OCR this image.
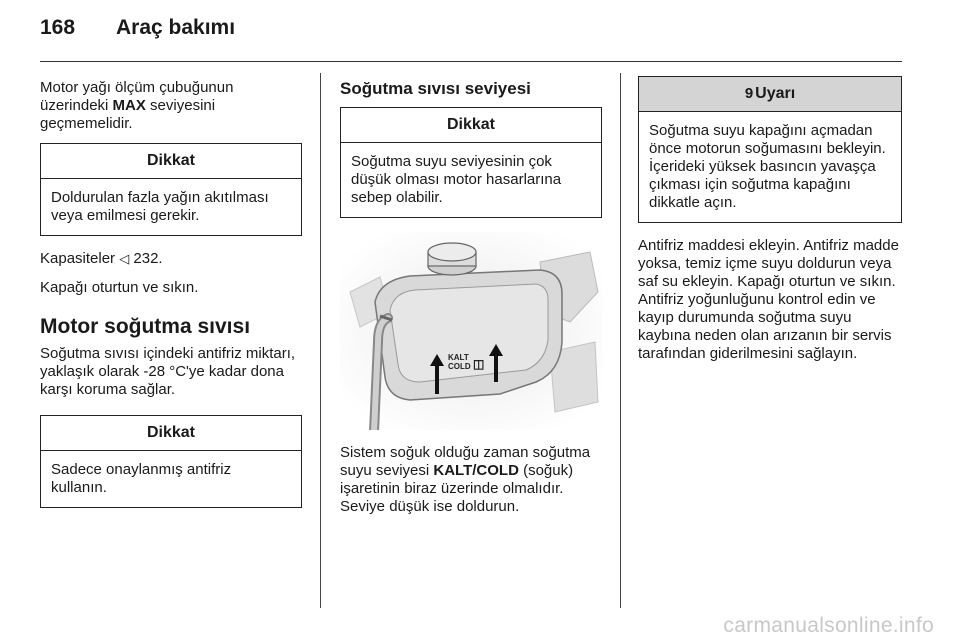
168 Araç bakımı

Motor yağı ölçüm çubuğunun üzerindeki MAX seviyesini geçmemelidir.

Dikkat
Doldurulan fazla yağın akıtılması veya emilmesi gerekir.

Kapasiteler ◁ 232.

Kapağı oturtun ve sıkın.

Motor soğutma sıvısı

Soğutma sıvısı içindeki antifriz miktarı, yaklaşık olarak -28 °C'ye kadar dona karşı koruma sağlar.

Dikkat
Sadece onaylanmış antifriz kullanın.
Soğutma sıvısı seviyesi
Dikkat
Soğutma suyu seviyesinin çok düşük olması motor hasarlarına sebep olabilir.
KALT
COLD ◫

Sistem soğuk olduğu zaman soğutma suyu seviyesi KALT/COLD (soğuk) işaretinin biraz üzerinde olmalıdır. Seviye düşük ise doldurun.

9 Uyarı
Soğutma suyu kapağını açmadan önce motorun soğumasını bekleyin. İçerideki yüksek basıncın yavaşça çıkması için soğutma kapağını dikkatle açın.

Antifriz maddesi ekleyin. Antifriz madde yoksa, temiz içme suyu doldurun veya saf su ekleyin. Kapağı oturtun ve sıkın. Antifriz yoğunluğunu kontrol edin ve kayıp durumunda soğutma suyu kaybına neden olan arızanın bir servis tarafından giderilmesini sağlayın.

carmanualsonline.info
